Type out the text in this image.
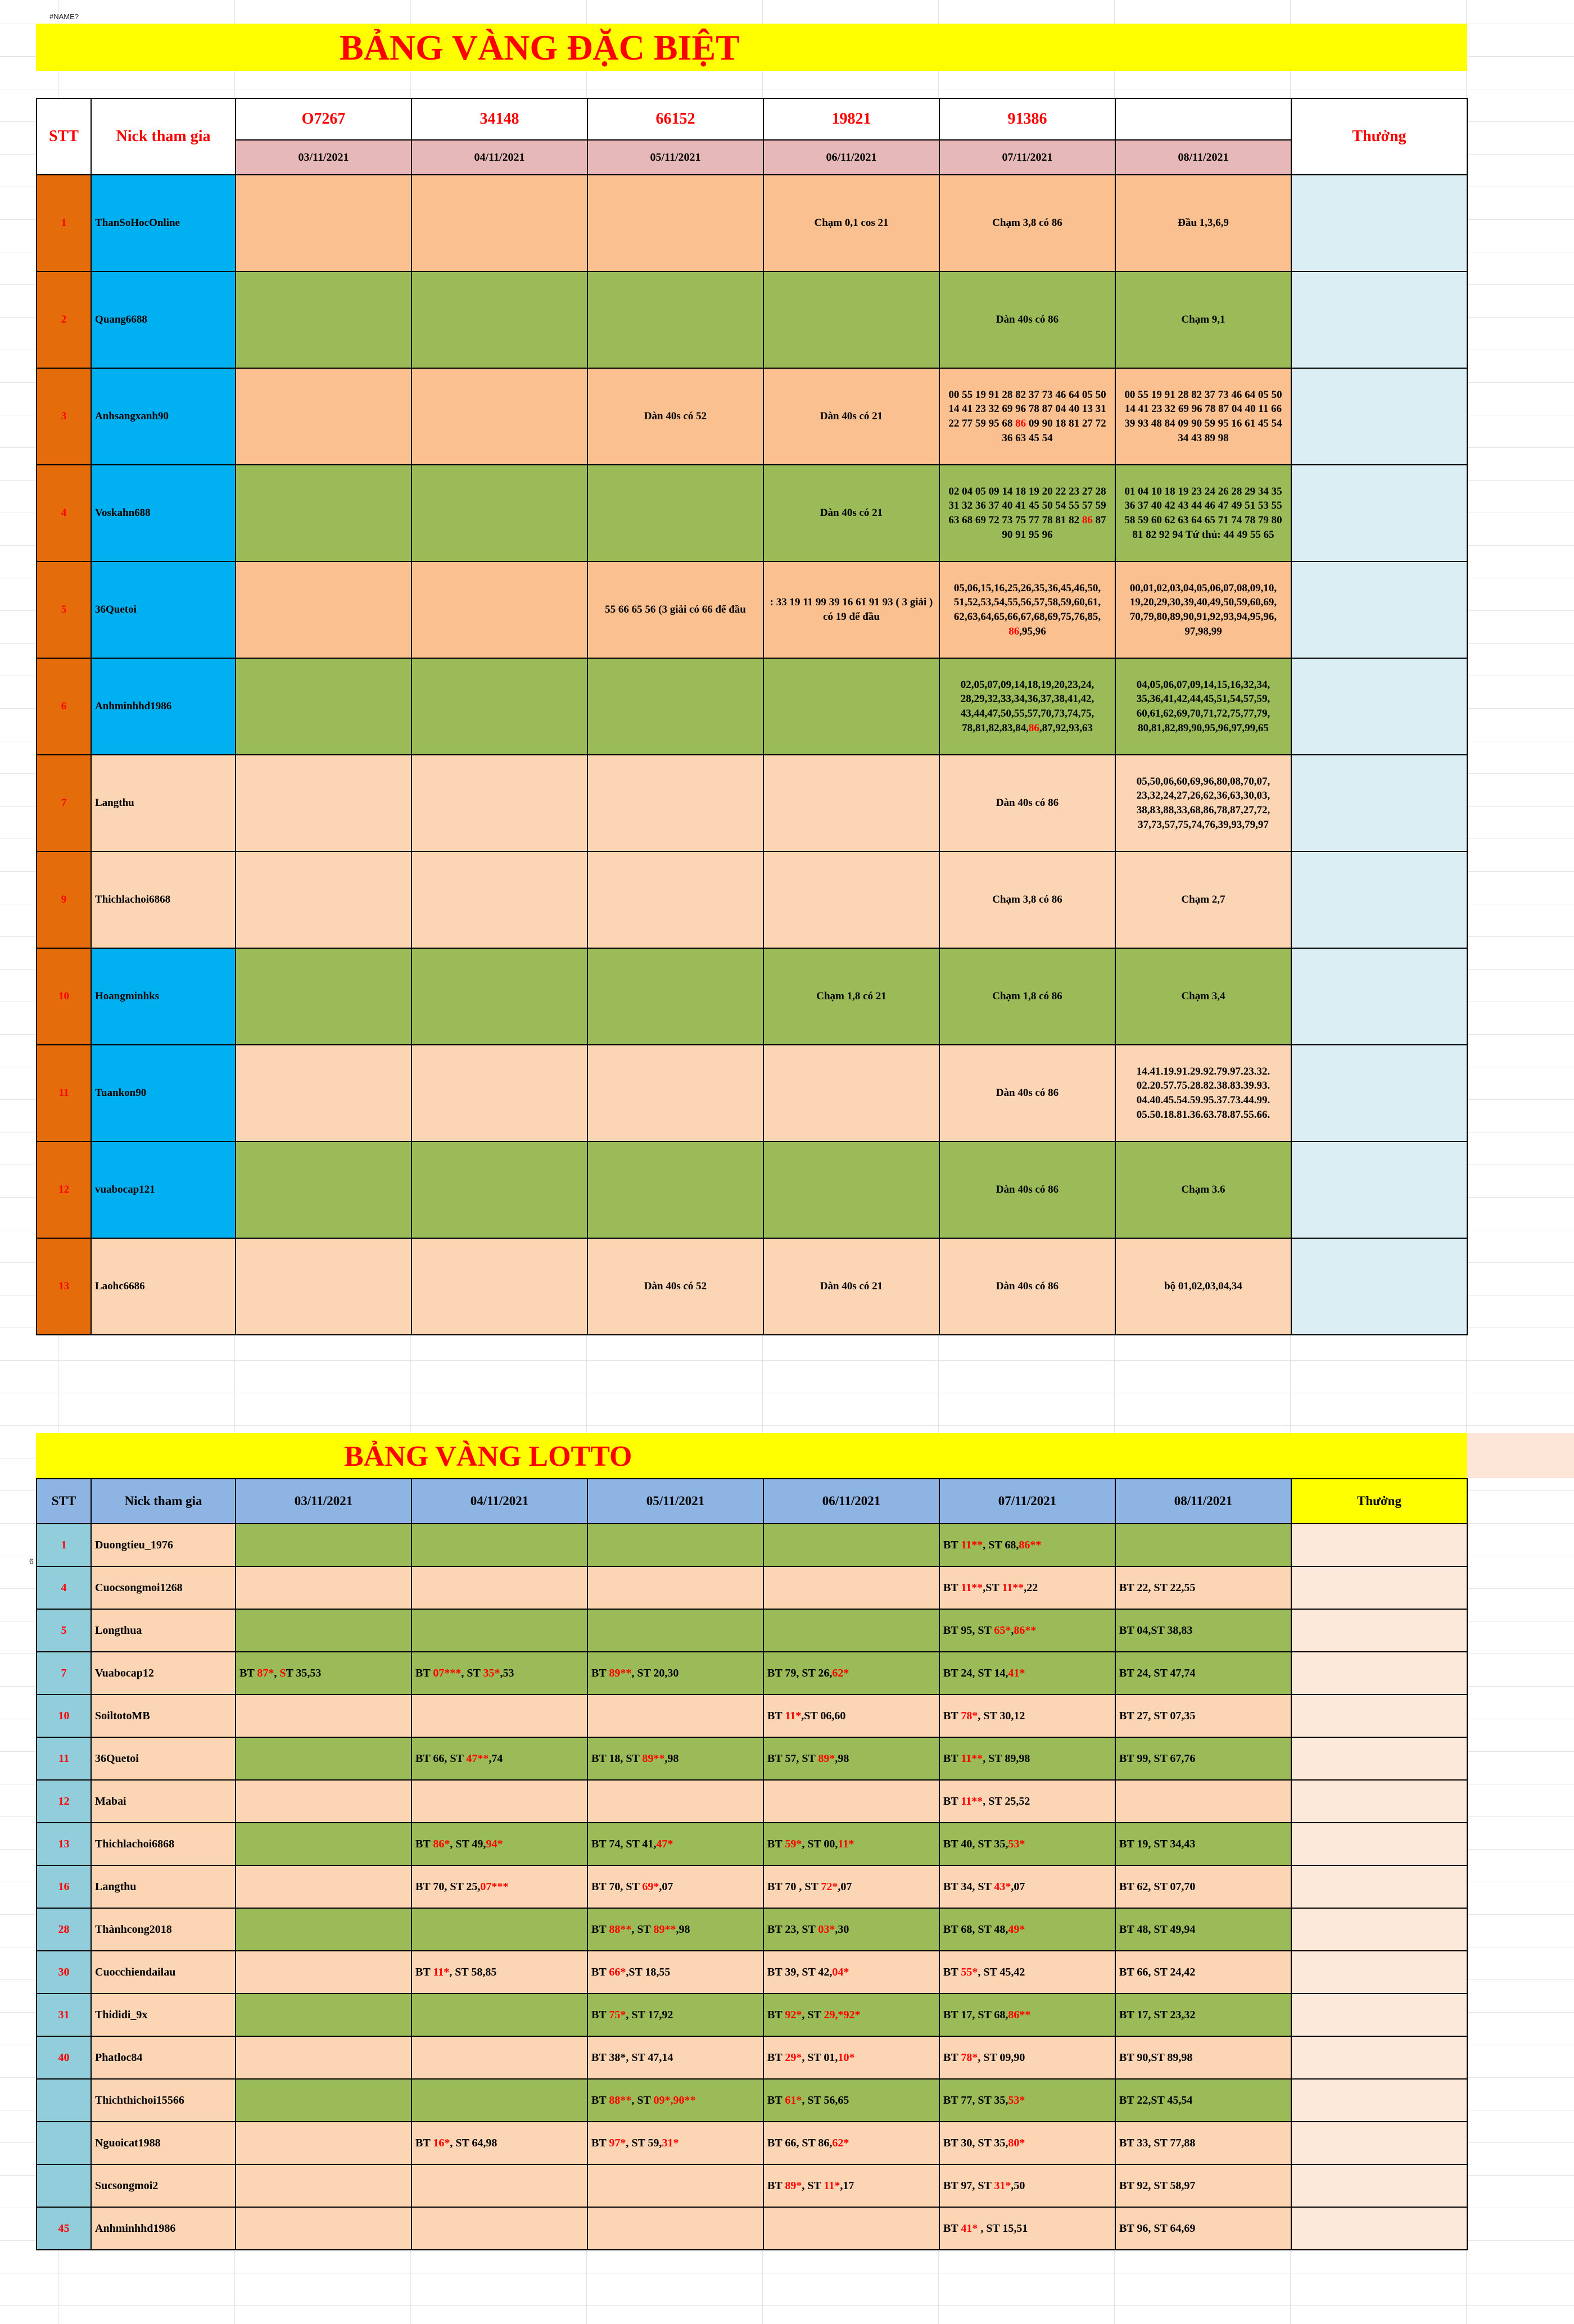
#NAME?
BẢNG VÀNG ĐẶC BIỆT
STT	Nick tham gia	O7267	34148	66152	19821	91386		Thưởng
		03/11/2021	04/11/2021	05/11/2021	06/11/2021	07/11/2021	08/11/2021	
1	ThanSoHocOnline				Chạm 0,1 cos 21	Chạm 3,8 có 86	Đầu 1,3,6,9	
2	Quang6688					Dàn 40s có 86	Chạm 9,1	
3	Anhsangxanh90			Dàn 40s có 52	Dàn 40s có 21	00 55 19 91 28 82 37 73 46 64 05 50 14 41 23 32 69 96 78 87 04 40 13 31 22 77 59 95 68 86 09 90 18 81 27 72 36 63 45 54	00 55 19 91 28 82 37 73 46 64 05 50 14 41 23 32 69 96 78 87 04 40 11 66 39 93 48 84 09 90 59 95 16 61 45 54 34 43 89 98	
4	Voskahn688				Dàn 40s có 21	02 04 05 09 14 18 19 20 22 23 27 28 31 32 36 37 40 41 45 50 54 55 57 59 63 68 69 72 73 75 77 78 81 82 86 87 90 91 95 96	01 04 10 18 19 23 24 26 28 29 34 35 36 37 40 42 43 44 46 47 49 51 53 55 58 59 60 62 63 64 65 71 74 78 79 80 81 82 92 94 Tứ thủ: 44 49 55 65	
5	36Quetoi			55 66 65 56 (3 giải có 66 để đầu	: 33 19 11 99 39 16 61 91 93 ( 3 giải ) có 19 để đầu	05,06,15,16,25,26,35,36,45,46,50, 51,52,53,54,55,56,57,58,59,60,61, 62,63,64,65,66,67,68,69,75,76,85, 86,95,96	00,01,02,03,04,05,06,07,08,09,10, 19,20,29,30,39,40,49,50,59,60,69, 70,79,80,89,90,91,92,93,94,95,96, 97,98,99	
6	Anhminhhd1986					02,05,07,09,14,18,19,20,23,24, 28,29,32,33,34,36,37,38,41,42, 43,44,47,50,55,57,70,73,74,75, 78,81,82,83,84,86,87,92,93,63	04,05,06,07,09,14,15,16,32,34, 35,36,41,42,44,45,51,54,57,59, 60,61,62,69,70,71,72,75,77,79, 80,81,82,89,90,95,96,97,99,65	
7	Langthu					Dàn 40s có 86	05,50,06,60,69,96,80,08,70,07, 23,32,24,27,26,62,36,63,30,03, 38,83,88,33,68,86,78,87,27,72, 37,73,57,75,74,76,39,93,79,97	
9	Thichlachoi6868					Chạm 3,8 có 86	Chạm 2,7	
10	Hoangminhks				Chạm 1,8 có 21	Chạm 1,8 có 86	Chạm 3,4	
11	Tuankon90					Dàn 40s có 86	14.41.19.91.29.92.79.97.23.32. 02.20.57.75.28.82.38.83.39.93. 04.40.45.54.59.95.37.73.44.99. 05.50.18.81.36.63.78.87.55.66.	
12	vuabocap121					Dàn 40s có 86	Chạm 3.6	
13	Laohc6686			Dàn 40s có 52	Dàn 40s có 21	Dàn 40s có 86	bộ 01,02,03,04,34	
BẢNG VÀNG LOTTO
6
STT	Nick tham gia	03/11/2021	04/11/2021	05/11/2021	06/11/2021	07/11/2021	08/11/2021	Thưởng
1	Duongtieu_1976					BT 11**, ST 68,86**		
4	Cuocsongmoi1268					BT 11**,ST 11**,22	BT 22, ST 22,55	
5	Longthua					BT 95, ST 65*,86**	BT 04,ST 38,83	
7	Vuabocap12	BT 87*, ST 35,53	BT 07***, ST 35*,53	BT 89**, ST 20,30	BT 79, ST 26,62*	BT 24, ST 14,41*	BT 24, ST 47,74	
10	SoiltotoMB				BT 11*,ST 06,60	BT 78*, ST 30,12	BT 27, ST 07,35	
11	36Quetoi		BT 66, ST 47**,74	BT 18, ST 89**,98	BT 57, ST 89*,98	BT 11**, ST 89,98	BT 99, ST 67,76	
12	Mabai					BT 11**, ST 25,52		
13	Thichlachoi6868		BT 86*, ST 49,94*	BT 74, ST 41,47*	BT 59*, ST 00,11*	BT 40, ST 35,53*	BT 19, ST 34,43	
16	Langthu		BT 70, ST 25,07***	BT 70, ST 69*,07	BT 70 , ST 72*,07	BT 34, ST 43*,07	BT 62, ST 07,70	
28	Thànhcong2018			BT 88**, ST 89**,98	BT 23, ST 03*,30	BT 68, ST 48,49*	BT 48, ST 49,94	
30	Cuocchiendailau		BT 11*, ST 58,85	BT 66*,ST 18,55	BT 39, ST 42,04*	BT 55*, ST 45,42	BT 66, ST 24,42	
31	Thididi_9x			BT 75*, ST 17,92	BT 92*, ST 29,*92*	BT 17, ST 68,86**	BT 17, ST 23,32	
40	Phatloc84			BT 38*, ST 47,14	BT 29*, ST 01,10*	BT 78*, ST 09,90	BT 90,ST 89,98	
	Thichthichoi15566			BT 88**, ST 09*,90**	BT 61*, ST 56,65	BT 77, ST 35,53*	BT 22,ST 45,54	
	Nguoicat1988		BT 16*, ST 64,98	BT 97*, ST 59,31*	BT 66, ST 86,62*	BT 30, ST 35,80*	BT 33, ST 77,88	
	Sucsongmoi2				BT 89*, ST 11*,17	BT 97, ST 31*,50	BT 92, ST 58,97	
45	Anhminhhd1986					BT 41* , ST 15,51	BT 96, ST 64,69	
